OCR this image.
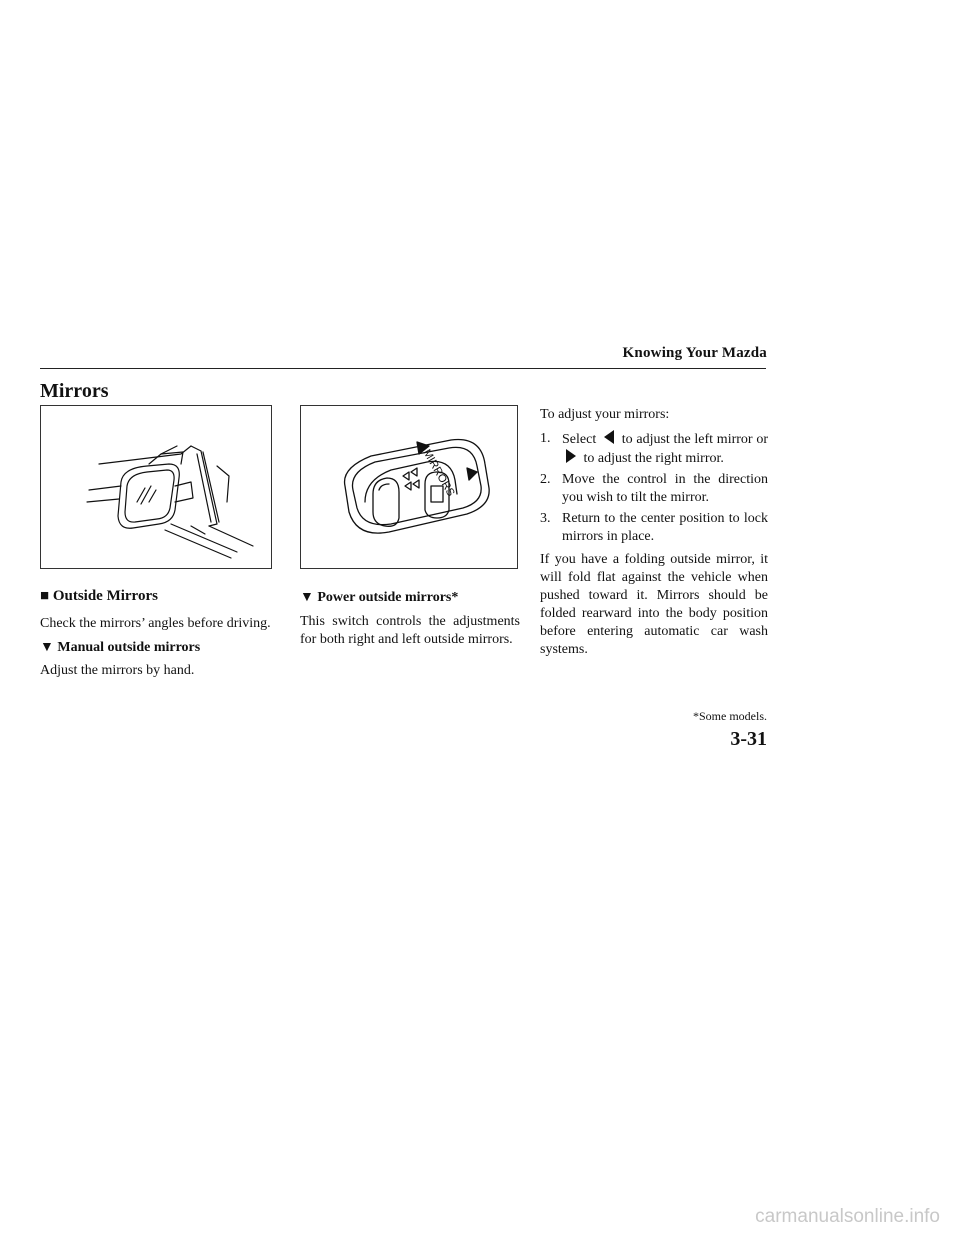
Knowing Your Mazda
Mirrors
MIRRORS
■ Outside Mirrors
Check the mirrors’ angles before driving.
▼ Manual outside mirrors
Adjust the mirrors by hand.
▼ Power outside mirrors*
This switch controls the adjustments for both right and left outside mirrors.
To adjust your mirrors:
1. Select to adjust the left mirror or  to adjust the right mirror.
2. Move the control in the direction you wish to tilt the mirror.
3. Return to the center position to lock mirrors in place.
If you have a folding outside mirror, it will fold flat against the vehicle when pushed toward it. Mirrors should be folded rearward into the body position before entering automatic car wash systems.
*Some models.
3-31
carmanualsonline.info
